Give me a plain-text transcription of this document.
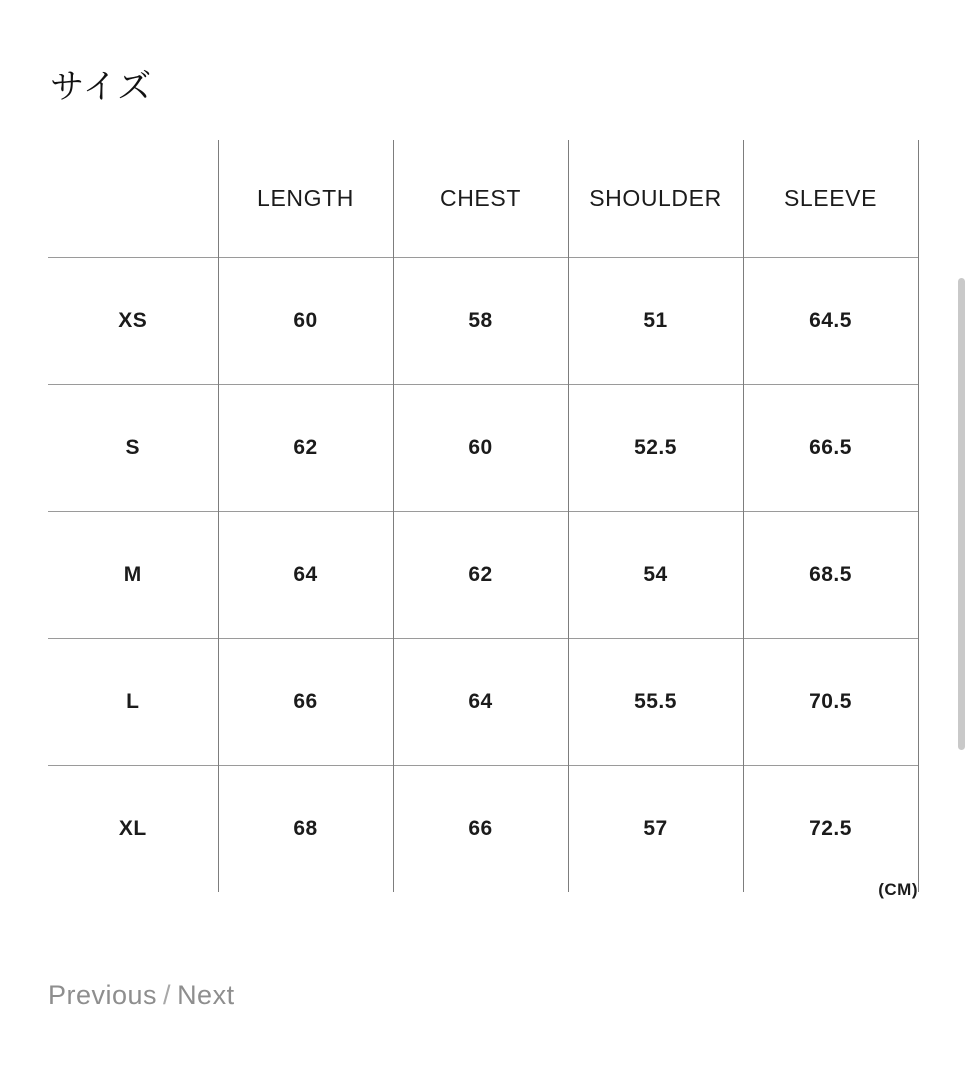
サイズ
	LENGTH	CHEST	SHOULDER	SLEEVE
XS	60	58	51	64.5
S	62	60	52.5	66.5
M	64	62	54	68.5
L	66	64	55.5	70.5
XL	68	66	57	72.5
(CM)
Previous / Next
